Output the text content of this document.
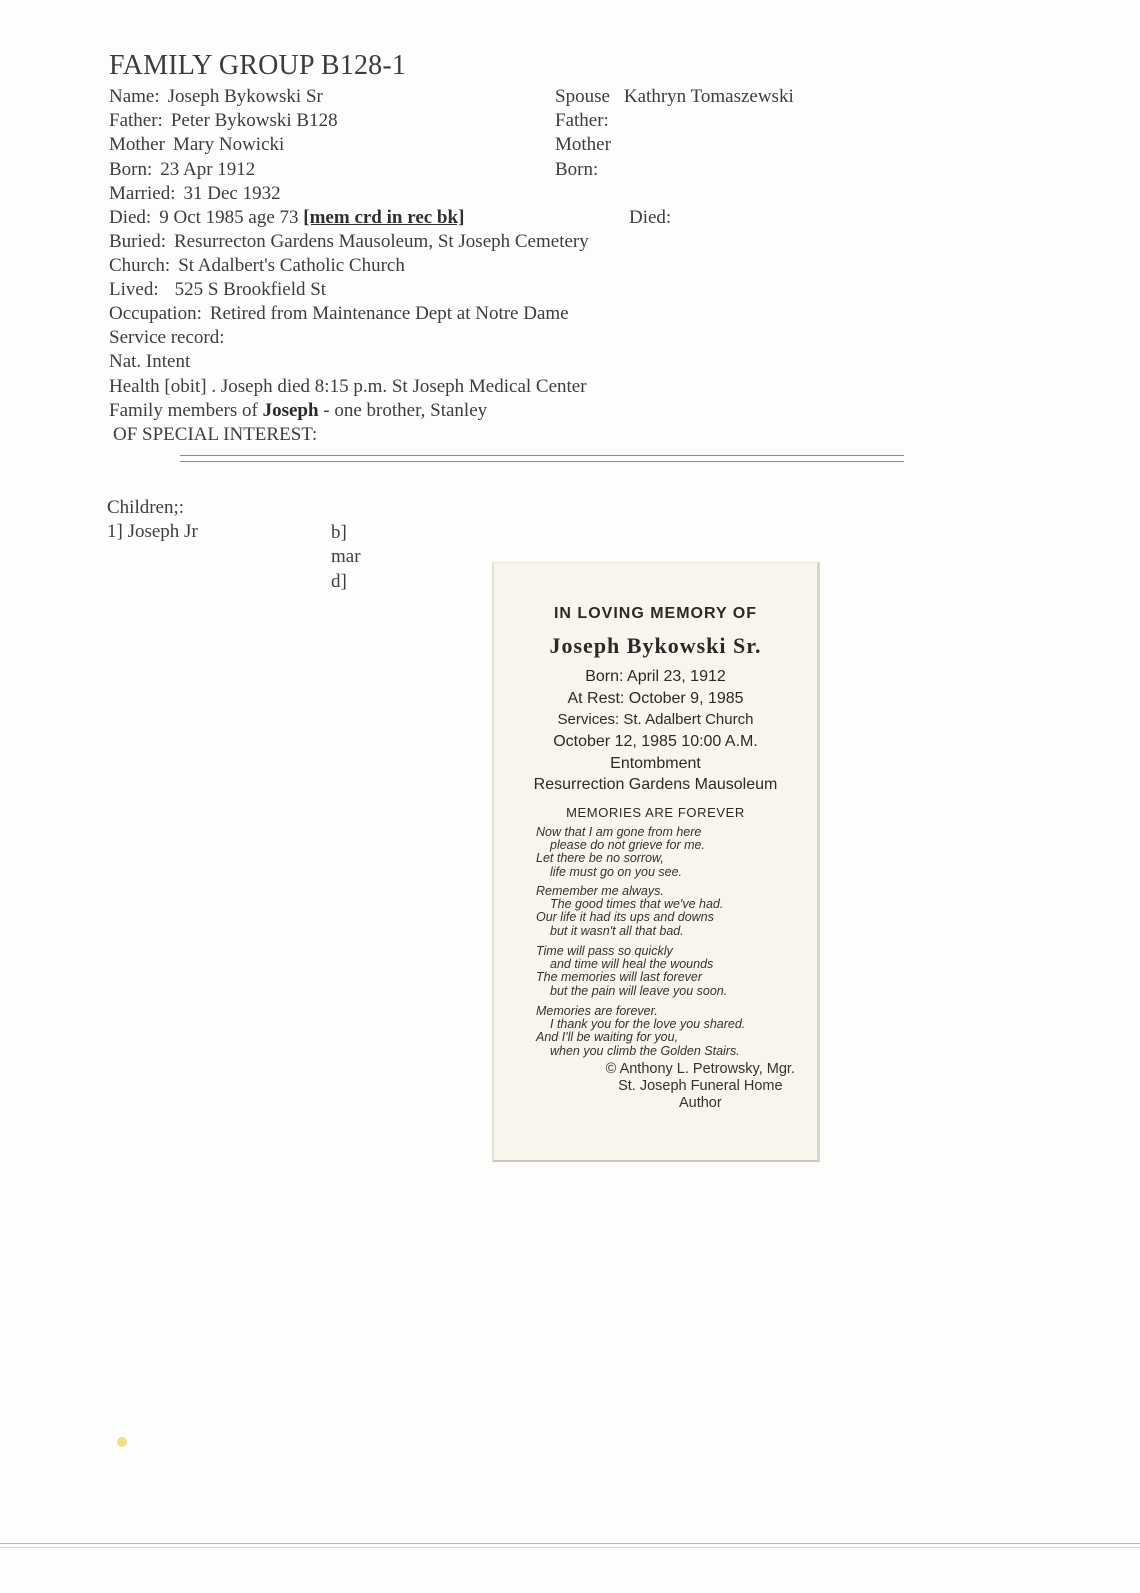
FAMILY GROUP B128-1
Name: Joseph Bykowski Sr
Father: Peter Bykowski B128
Mother Mary Nowicki
Born: 23 Apr 1912
Married: 31 Dec 1932
Died: 9 Oct 1985 age 73 [mem crd in rec bk]
Buried: Resurrecton Gardens Mausoleum, St Joseph Cemetery
Church: St Adalbert's Catholic Church
Lived: 525 S Brookfield St
Occupation: Retired from Maintenance Dept at Notre Dame
Service record:
Nat. Intent
Health [obit] . Joseph died 8:15 p.m. St Joseph Medical Center
Family members of Joseph - one brother, Stanley
OF SPECIAL INTEREST:
Spouse Kathryn Tomaszewski
Father:
Mother
Born:
Died:
Children;:
1] Joseph Jr	b]
mar
d]
IN LOVING MEMORY OF
Joseph Bykowski Sr.
Born: April 23, 1912
At Rest: October 9, 1985
Services: St. Adalbert Church
October 12, 1985 10:00 A.M.
Entombment
Resurrection Gardens Mausoleum
MEMORIES ARE FOREVER
Now that I am gone from here
please do not grieve for me.
Let there be no sorrow,
life must go on you see.
Remember me always.
The good times that we've had.
Our life it had its ups and downs
but it wasn't all that bad.
Time will pass so quickly
and time will heal the wounds
The memories will last forever
but the pain will leave you soon.
Memories are forever.
I thank you for the love you shared.
And I'll be waiting for you,
when you climb the Golden Stairs.
© Anthony L. Petrowsky, Mgr.
St. Joseph Funeral Home
Author
